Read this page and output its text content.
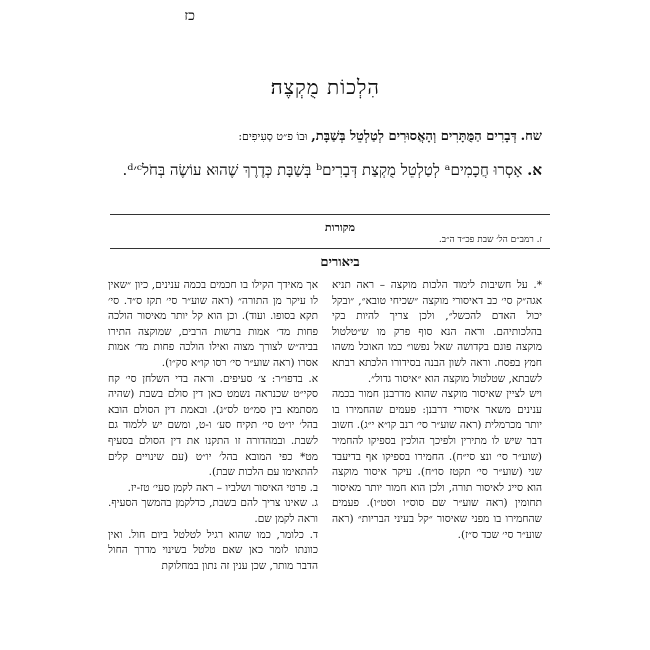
כז
הִלְכוֹת מֻקְצֶה׃
שח. דְּבָרִים הַמֻּתָּרִים וְהָאֲסוּרִים לְטַלְטֵל בְּשַׁבָּת, וּבוֹ פ״ט סְעִיפִים:
א. אָסְרוּ חֲכָמִיםᵃ לְטַלְטֵל מֻקְצַת דְּבָרִיםᵇ בְּשַׁבָּת כְּדֶרֶךְ שֶׁהוּא עוֹשֶׂה בְּחֹלᶜ׳ᵈ.
מקורות
ז. רמב״ם הל׳ שבת פכ״ד ה״ב.
ביאורים

*. על חשיבות לימוד הלכות מוקצה – ראה תניא אגה״ק סי׳ כב דאיסורי מוקצה ״שכיחי טובא״, ״ובקל יכול האדם להכשל״, ולכן צריך להיות בקי בהלכותיהם. וראה הנא סוף פרק מו ש״טלטול מוקצה פוגם בקדושה שאל נפשו״ כמו האוכל משהו חמץ בפסח. וראה לשון הבנה בסידורו הלכתא רבתא לשבתא, שטלטול מוקצה הוא ״איסור גדול״.

ויש לציין שאיסור מוקצה שהוא מדרבנן חמור בכמה ענינים משאר איסורי דרבנן: פעמים שהחמירו בו יותר מכרמלית (ראה שוע״ר סי׳ רנב קו״א י״ג). חשוב דבר שיש לו מתירין ולפיכך הולכין בספיקו להחמיר (שוע״ר סי׳ ונצ סי״ח). החמירו בספיקו אף בדיעבד שני (שוע״ר סי׳ תקטז סו״ח). עיקר איסור מוקצה הוא סייג לאיסור תורה, ולכן הוא חמור יותר מאיסור תחומין (ראה שוע״ר שם סוס״ו וסט״ו). פעמים שהחמירו בו מפני שאיסור ״קל בעיני הבריות״ (ראה שוע״ר סי׳ שכד ס״ז).

אך מאידך הקילו בו חכמים בכמה ענינים, כיון ״שאין לו עיקר מן התורה״ (ראה שוע״ר סי׳ תקז ס״ד. סי׳ תקא בסופו. ועוד). וכן הוא קל יותר מאיסור הולכה פחות מד׳ אמות ברשות הרבים, שמוקצה התירו בביה״ש לצורך מצוה ואילו הולכה פחות מד׳ אמות אסרו (ראה שוע״ר סי׳ רסו קו״א סק״ו).

א. בדפו״ר: צ׳ סעיפים. וראה בדי השלחן סי׳ קח סקי״ט שכנראה נשמט כאן דין סולם בשבת (שהיה מסתמא בין סמ״ט לס״ג). ובאמת דין הסולם הובא בהל׳ יו״ט סי׳ תקיח סע׳ ו-ט, ומשם יש ללמוד גם לשבת. ובמהדורה זו התקנו את דין הסולם בסעיף מט* כפי המובא בהל׳ יו״ט (עם שינויים קלים להתאימו עם הלכות שבת).

ב. פרטי האיסור ושלביו – ראה לקמן סעי׳ טז-יז.

ג. שאינו צריך להם בשבת, כדלקמן בהמשך הסעיף. וראה לקמן שם.

ד. כלומר, כמו שהוא רגיל לטלטל ביום חול. ואין כוונתו לומר כאן שאם טלטל בשינוי מדרך החול הדבר מותר, שכן ענין זה נתון במחלוקת
